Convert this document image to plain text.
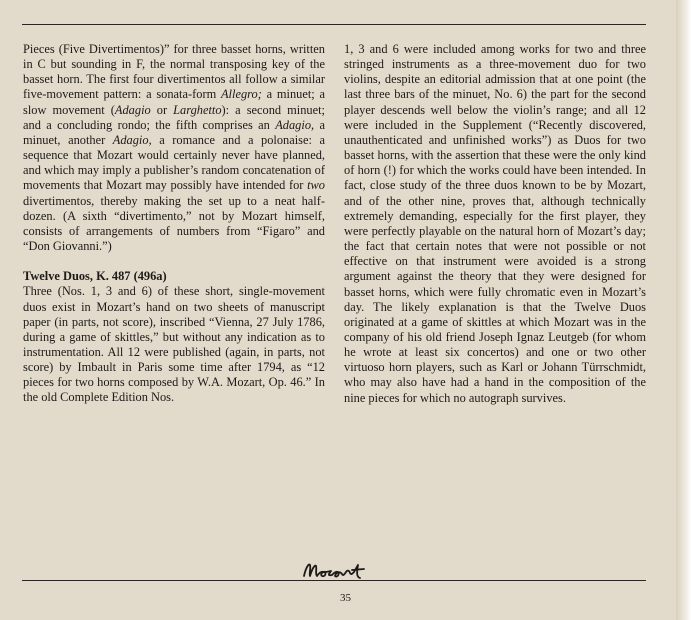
Pieces (Five Divertimentos)” for three basset horns, written in C but sounding in F, the normal transposing key of the basset horn. The first four divertimentos all follow a similar five-movement pattern: a sonata-form Allegro; a minuet; a slow movement (Adagio or Larghetto): a second minuet; and a concluding rondo; the fifth comprises an Adagio, a minuet, another Adagio, a romance and a polonaise: a sequence that Mozart would certainly never have planned, and which may imply a publisher’s random concatenation of movements that Mozart may possibly have intended for two divertimentos, thereby making the set up to a neat half-dozen. (A sixth “divertimento,” not by Mozart himself, consists of arrangements of numbers from “Figaro” and “Don Giovanni.”)

Twelve Duos, K. 487 (496a)

Three (Nos. 1, 3 and 6) of these short, single-movement duos exist in Mozart’s hand on two sheets of manuscript paper (in parts, not score), inscribed “Vienna, 27 July 1786, during a game of skittles,” but without any indication as to instrumentation. All 12 were published (again, in parts, not score) by Imbault in Paris some time after 1794, as “12 pieces for two horns composed by W.A. Mozart, Op. 46.” In the old Complete Edition Nos.

1, 3 and 6 were included among works for two and three stringed instruments as a three-movement duo for two violins, despite an editorial admission that at one point (the last three bars of the minuet, No. 6) the part for the second player descends well below the violin’s range; and all 12 were included in the Supplement (“Recently discovered, unauthenticated and unfinished works”) as Duos for two basset horns, with the assertion that these were the only kind of horn (!) for which the works could have been intended. In fact, close study of the three duos known to be by Mozart, and of the other nine, proves that, although technically extremely demanding, especially for the first player, they were perfectly playable on the natural horn of Mozart’s day; the fact that certain notes that were not possible or not effective on that instrument were avoided is a strong argument against the theory that they were designed for basset horns, which were fully chromatic even in Mozart’s day. The likely explanation is that the Twelve Duos originated at a game of skittles at which Mozart was in the company of his old friend Joseph Ignaz Leutgeb (for whom he wrote at least six concertos) and one or two other virtuoso horn players, such as Karl or Johann Türrschmidt, who may also have had a hand in the composition of the nine pieces for which no autograph survives.

35
